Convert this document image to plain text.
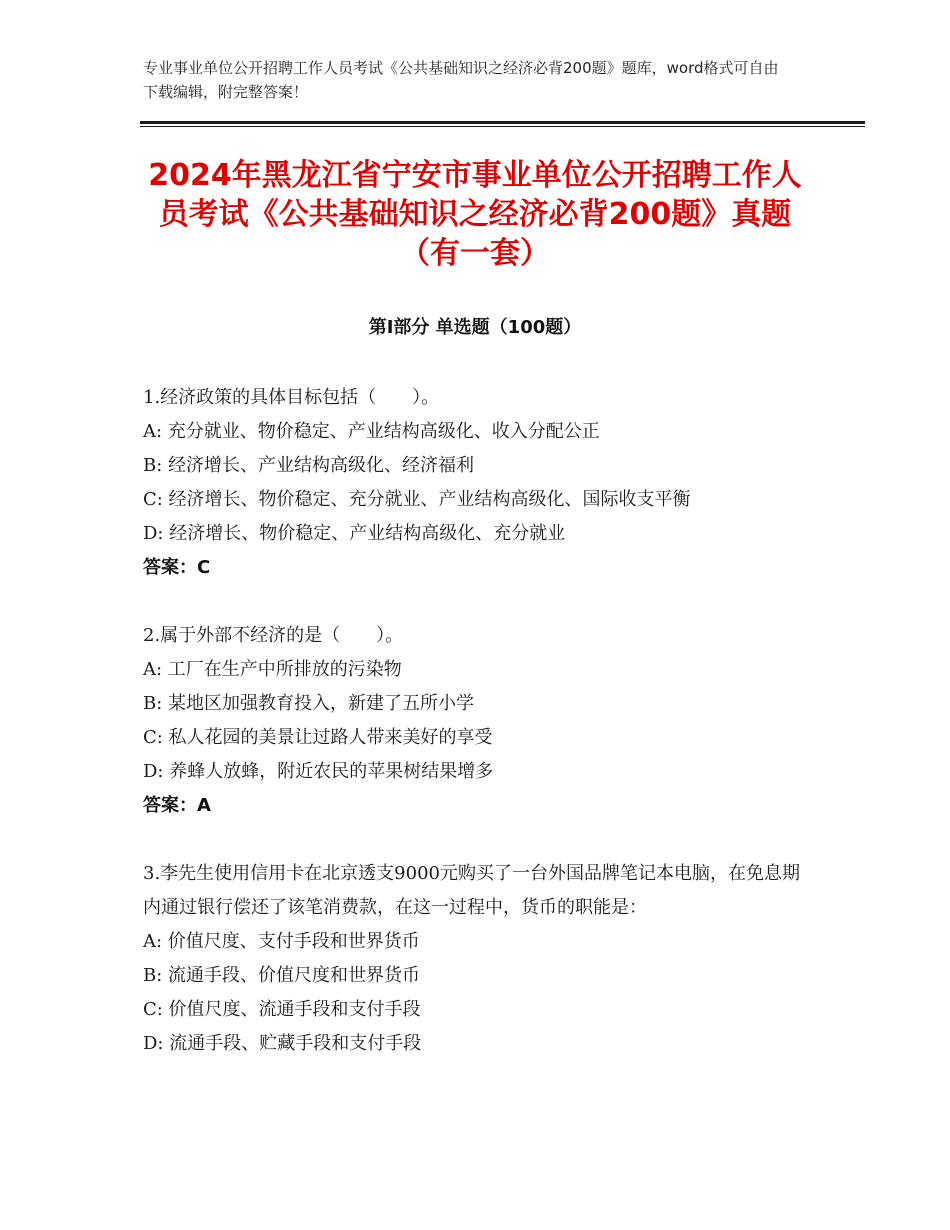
专业事业单位公开招聘工作人员考试《公共基础知识之经济必背200题》题库，word格式可自由下载编辑，附完整答案！
2024年黑龙江省宁安市事业单位公开招聘工作人员考试《公共基础知识之经济必背200题》真题（有一套）
第I部分 单选题（100题）
1.经济政策的具体目标包括（　　）。
A: 充分就业、物价稳定、产业结构高级化、收入分配公正
B: 经济增长、产业结构高级化、经济福利
C: 经济增长、物价稳定、充分就业、产业结构高级化、国际收支平衡
D: 经济增长、物价稳定、产业结构高级化、充分就业
答案：C
2.属于外部不经济的是（　　）。
A: 工厂在生产中所排放的污染物
B: 某地区加强教育投入，新建了五所小学
C: 私人花园的美景让过路人带来美好的享受
D: 养蜂人放蜂，附近农民的苹果树结果增多
答案：A
3.李先生使用信用卡在北京透支9000元购买了一台外国品牌笔记本电脑，在免息期内通过银行偿还了该笔消费款，在这一过程中，货币的职能是：
A: 价值尺度、支付手段和世界货币
B: 流通手段、价值尺度和世界货币
C: 价值尺度、流通手段和支付手段
D: 流通手段、贮藏手段和支付手段
